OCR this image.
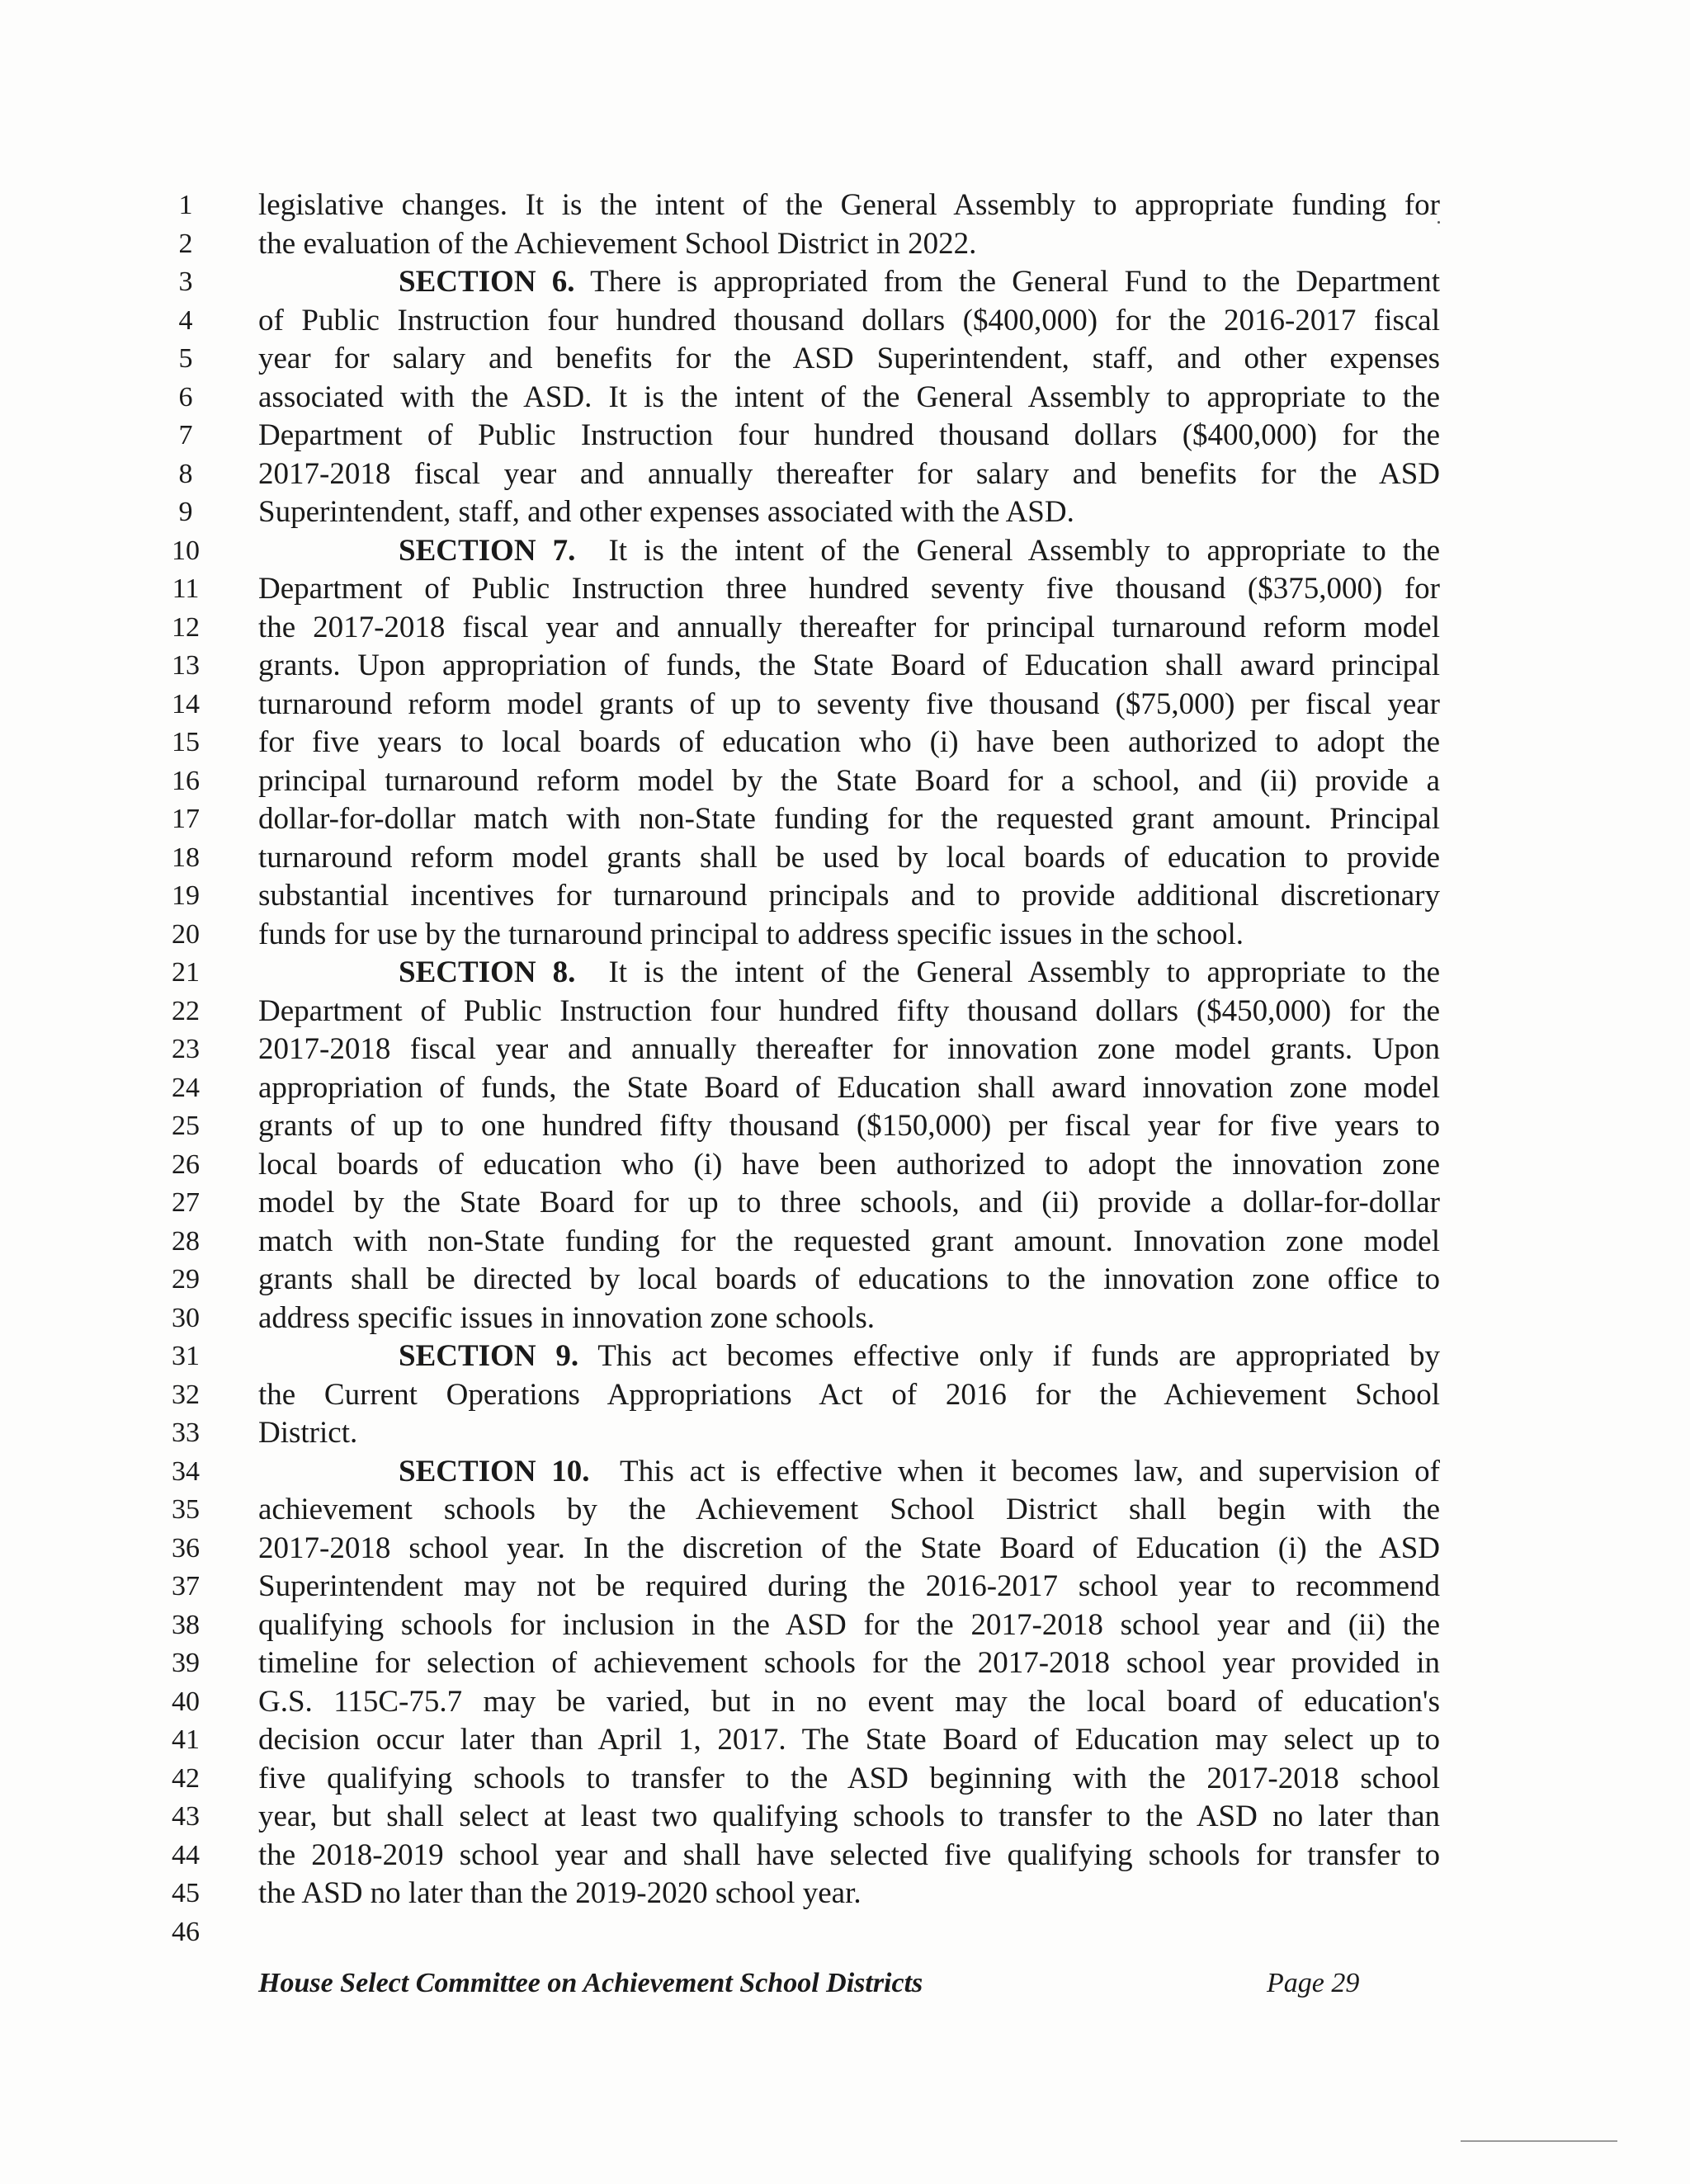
1	legislative changes. It is the intent of the General Assembly to appropriate funding for
2	the evaluation of the Achievement School District in 2022.
3	SECTION 6. There is appropriated from the General Fund to the Department
4	of Public Instruction four hundred thousand dollars ($400,000) for the 2016-2017 fiscal
5	year for salary and benefits for the ASD Superintendent, staff, and other expenses
6	associated with the ASD. It is the intent of the General Assembly to appropriate to the
7	Department of Public Instruction four hundred thousand dollars ($400,000) for the
8	2017-2018 fiscal year and annually thereafter for salary and benefits for the ASD
9	Superintendent, staff, and other expenses associated with the ASD.
10	SECTION 7.  It is the intent of the General Assembly to appropriate to the
11	Department of Public Instruction three hundred seventy five thousand ($375,000) for
12	the 2017-2018 fiscal year and annually thereafter for principal turnaround reform model
13	grants. Upon appropriation of funds, the State Board of Education shall award principal
14	turnaround reform model grants of up to seventy five thousand ($75,000) per fiscal year
15	for five years to local boards of education who (i) have been authorized to adopt the
16	principal turnaround reform model by the State Board for a school, and (ii) provide a
17	dollar-for-dollar match with non-State funding for the requested grant amount. Principal
18	turnaround reform model grants shall be used by local boards of education to provide
19	substantial incentives for turnaround principals and to provide additional discretionary
20	funds for use by the turnaround principal to address specific issues in the school.
21	SECTION 8.  It is the intent of the General Assembly to appropriate to the
22	Department of Public Instruction four hundred fifty thousand dollars ($450,000) for the
23	2017-2018 fiscal year and annually thereafter for innovation zone model grants. Upon
24	appropriation of funds, the State Board of Education shall award innovation zone model
25	grants of up to one hundred fifty thousand ($150,000) per fiscal year for five years to
26	local boards of education who (i) have been authorized to adopt the innovation zone
27	model by the State Board for up to three schools, and (ii) provide a dollar-for-dollar
28	match with non-State funding for the requested grant amount. Innovation zone model
29	grants shall be directed by local boards of educations to the innovation zone office to
30	address specific issues in innovation zone schools.
31	SECTION 9. This act becomes effective only if funds are appropriated by
32	the Current Operations Appropriations Act of 2016 for the Achievement School
33	District.
34	SECTION 10.  This act is effective when it becomes law, and supervision of
35	achievement schools by the Achievement School District shall begin with the
36	2017-2018 school year. In the discretion of the State Board of Education (i) the ASD
37	Superintendent may not be required during the 2016-2017 school year to recommend
38	qualifying schools for inclusion in the ASD for the 2017-2018 school year and (ii) the
39	timeline for selection of achievement schools for the 2017-2018 school year provided in
40	G.S. 115C-75.7 may be varied, but in no event may the local board of education's
41	decision occur later than April 1, 2017. The State Board of Education may select up to
42	five qualifying schools to transfer to the ASD beginning with the 2017-2018 school
43	year, but shall select at least two qualifying schools to transfer to the ASD no later than
44	the 2018-2019 school year and shall have selected five qualifying schools for transfer to
45	the ASD no later than the 2019-2020 school year.
46
House Select Committee on Achievement School Districts	Page 29
